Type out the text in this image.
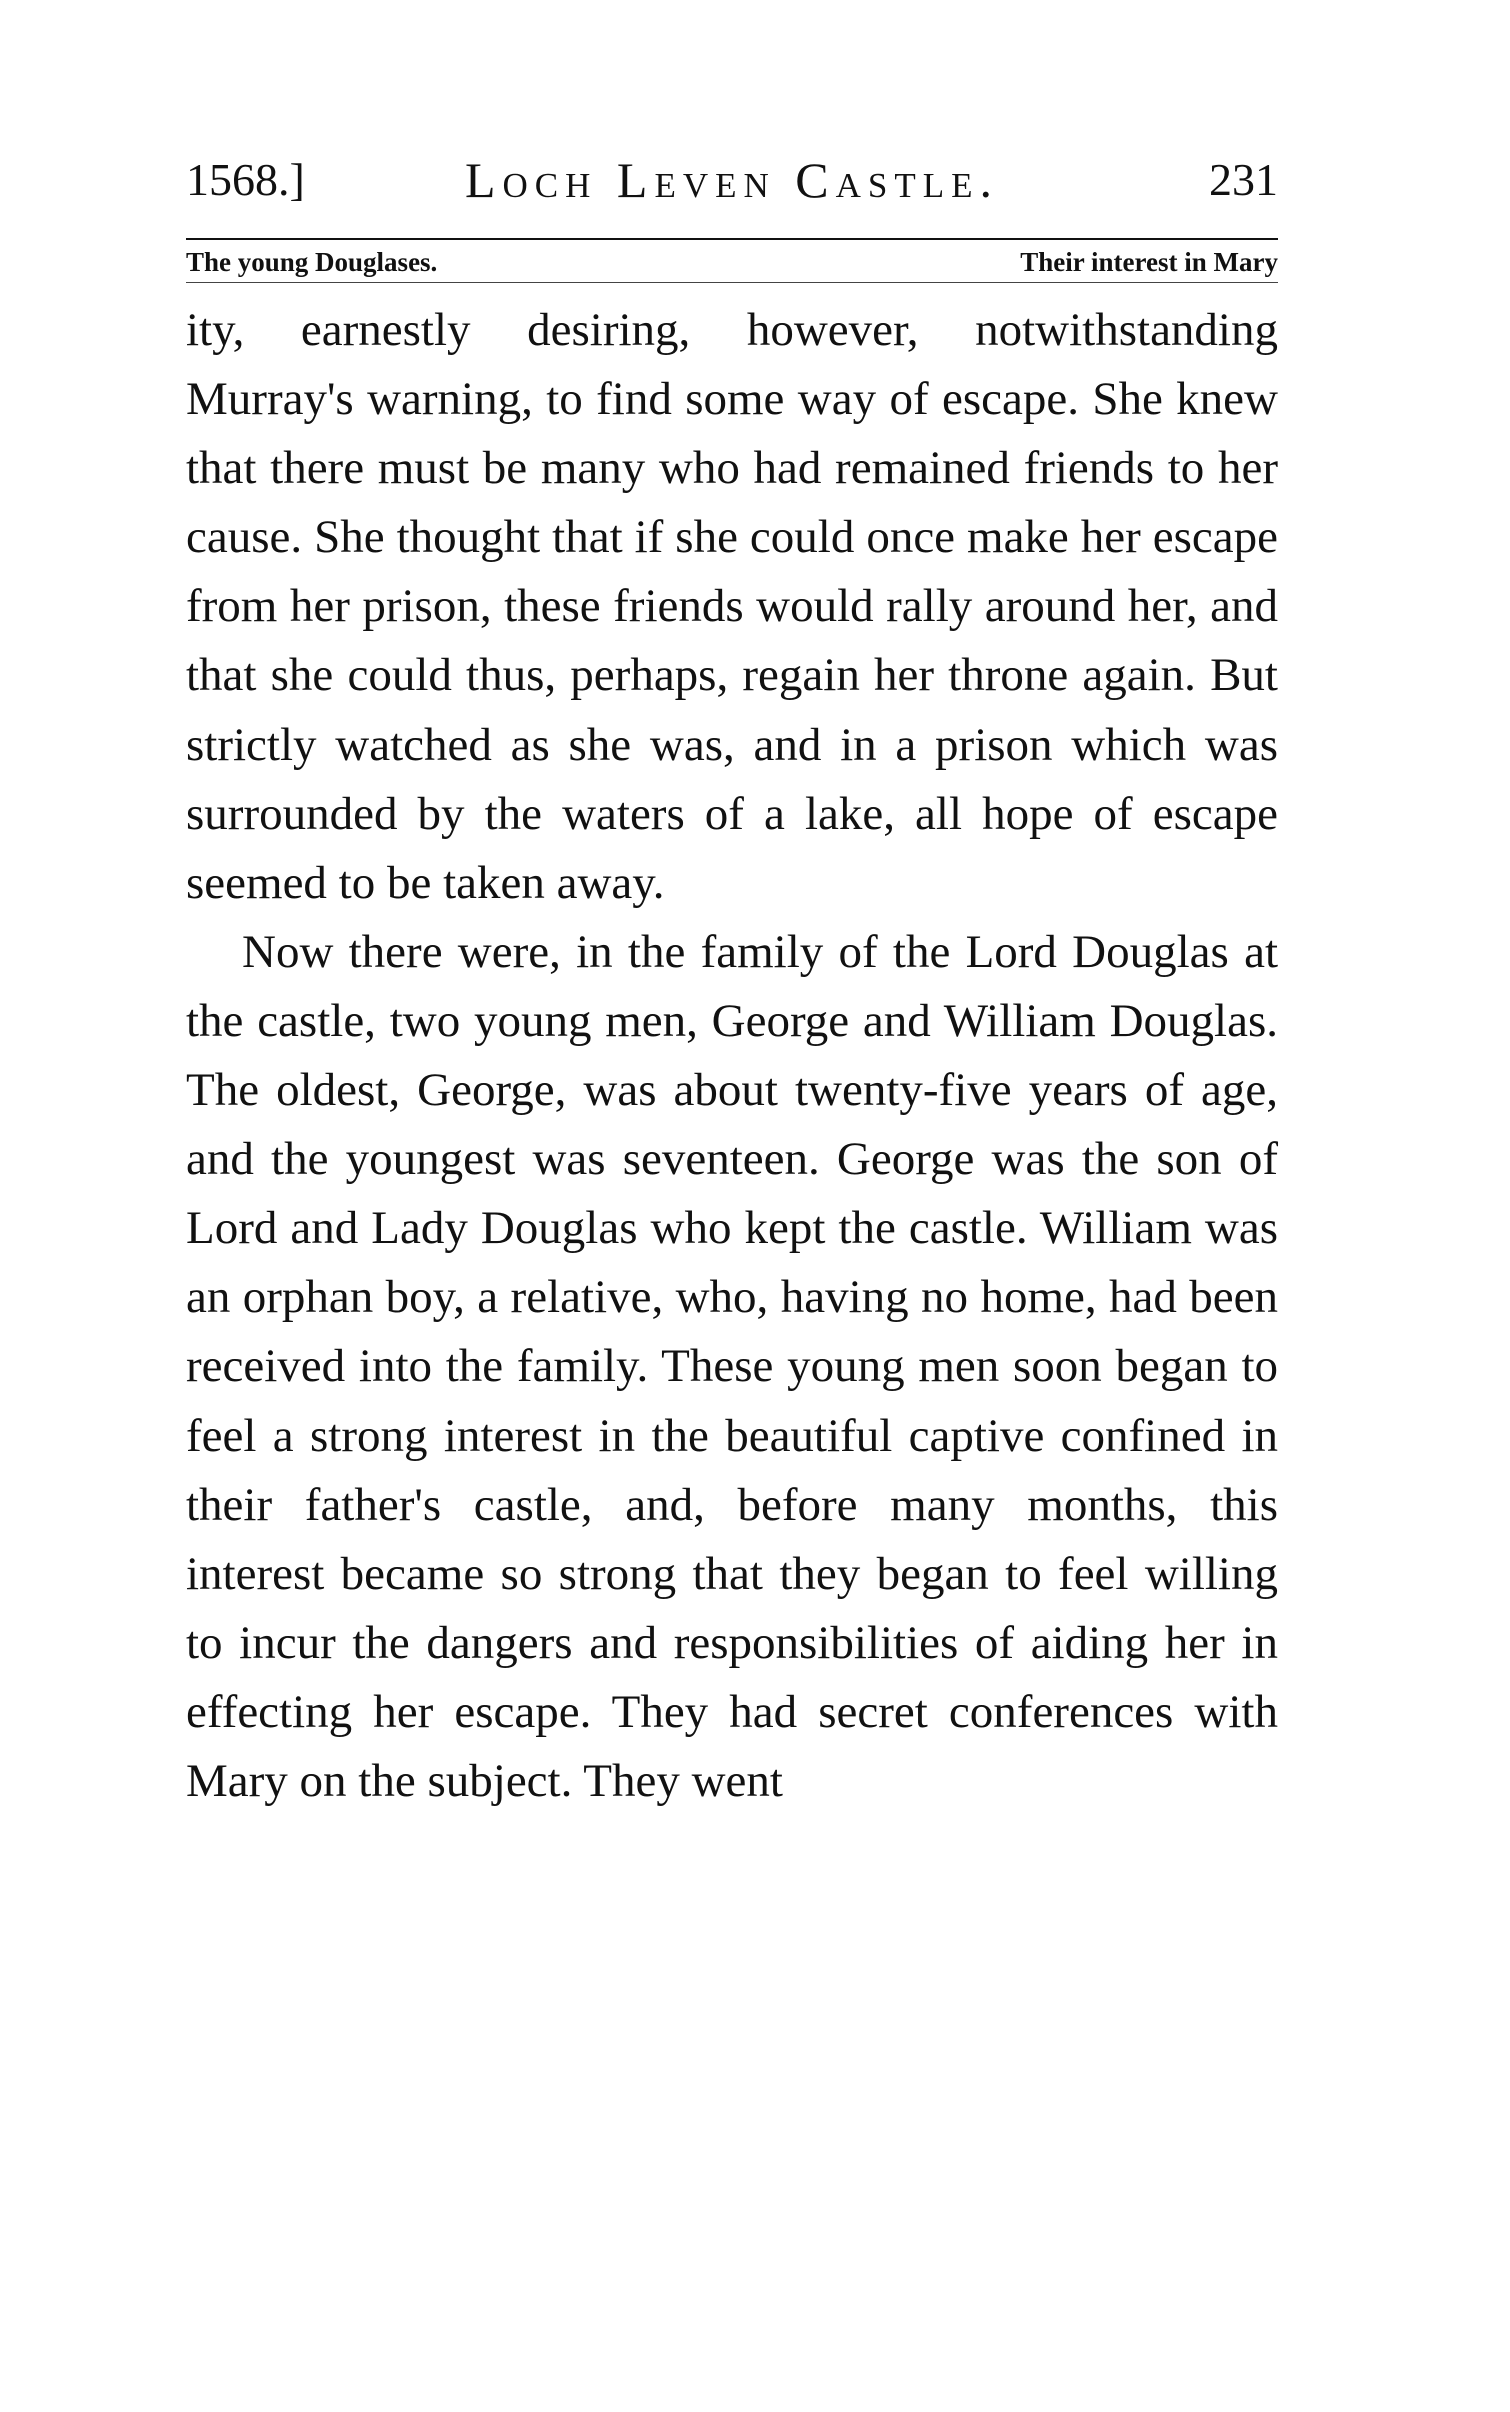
1568.]	Loch Leven Castle.	231
The young Douglases.	Their interest in Mary

ity, earnestly desiring, however, notwithstanding Murray's warning, to find some way of escape. She knew that there must be many who had remained friends to her cause. She thought that if she could once make her escape from her prison, these friends would rally around her, and that she could thus, perhaps, regain her throne again. But strictly watched as she was, and in a prison which was surrounded by the waters of a lake, all hope of escape seemed to be taken away.

Now there were, in the family of the Lord Douglas at the castle, two young men, George and William Douglas. The oldest, George, was about twenty-five years of age, and the youngest was seventeen. George was the son of Lord and Lady Douglas who kept the castle. William was an orphan boy, a relative, who, having no home, had been received into the family. These young men soon began to feel a strong interest in the beautiful captive confined in their father's castle, and, before many months, this interest became so strong that they began to feel willing to incur the dangers and responsibilities of aiding her in effecting her escape. They had secret conferences with Mary on the subject. They went
